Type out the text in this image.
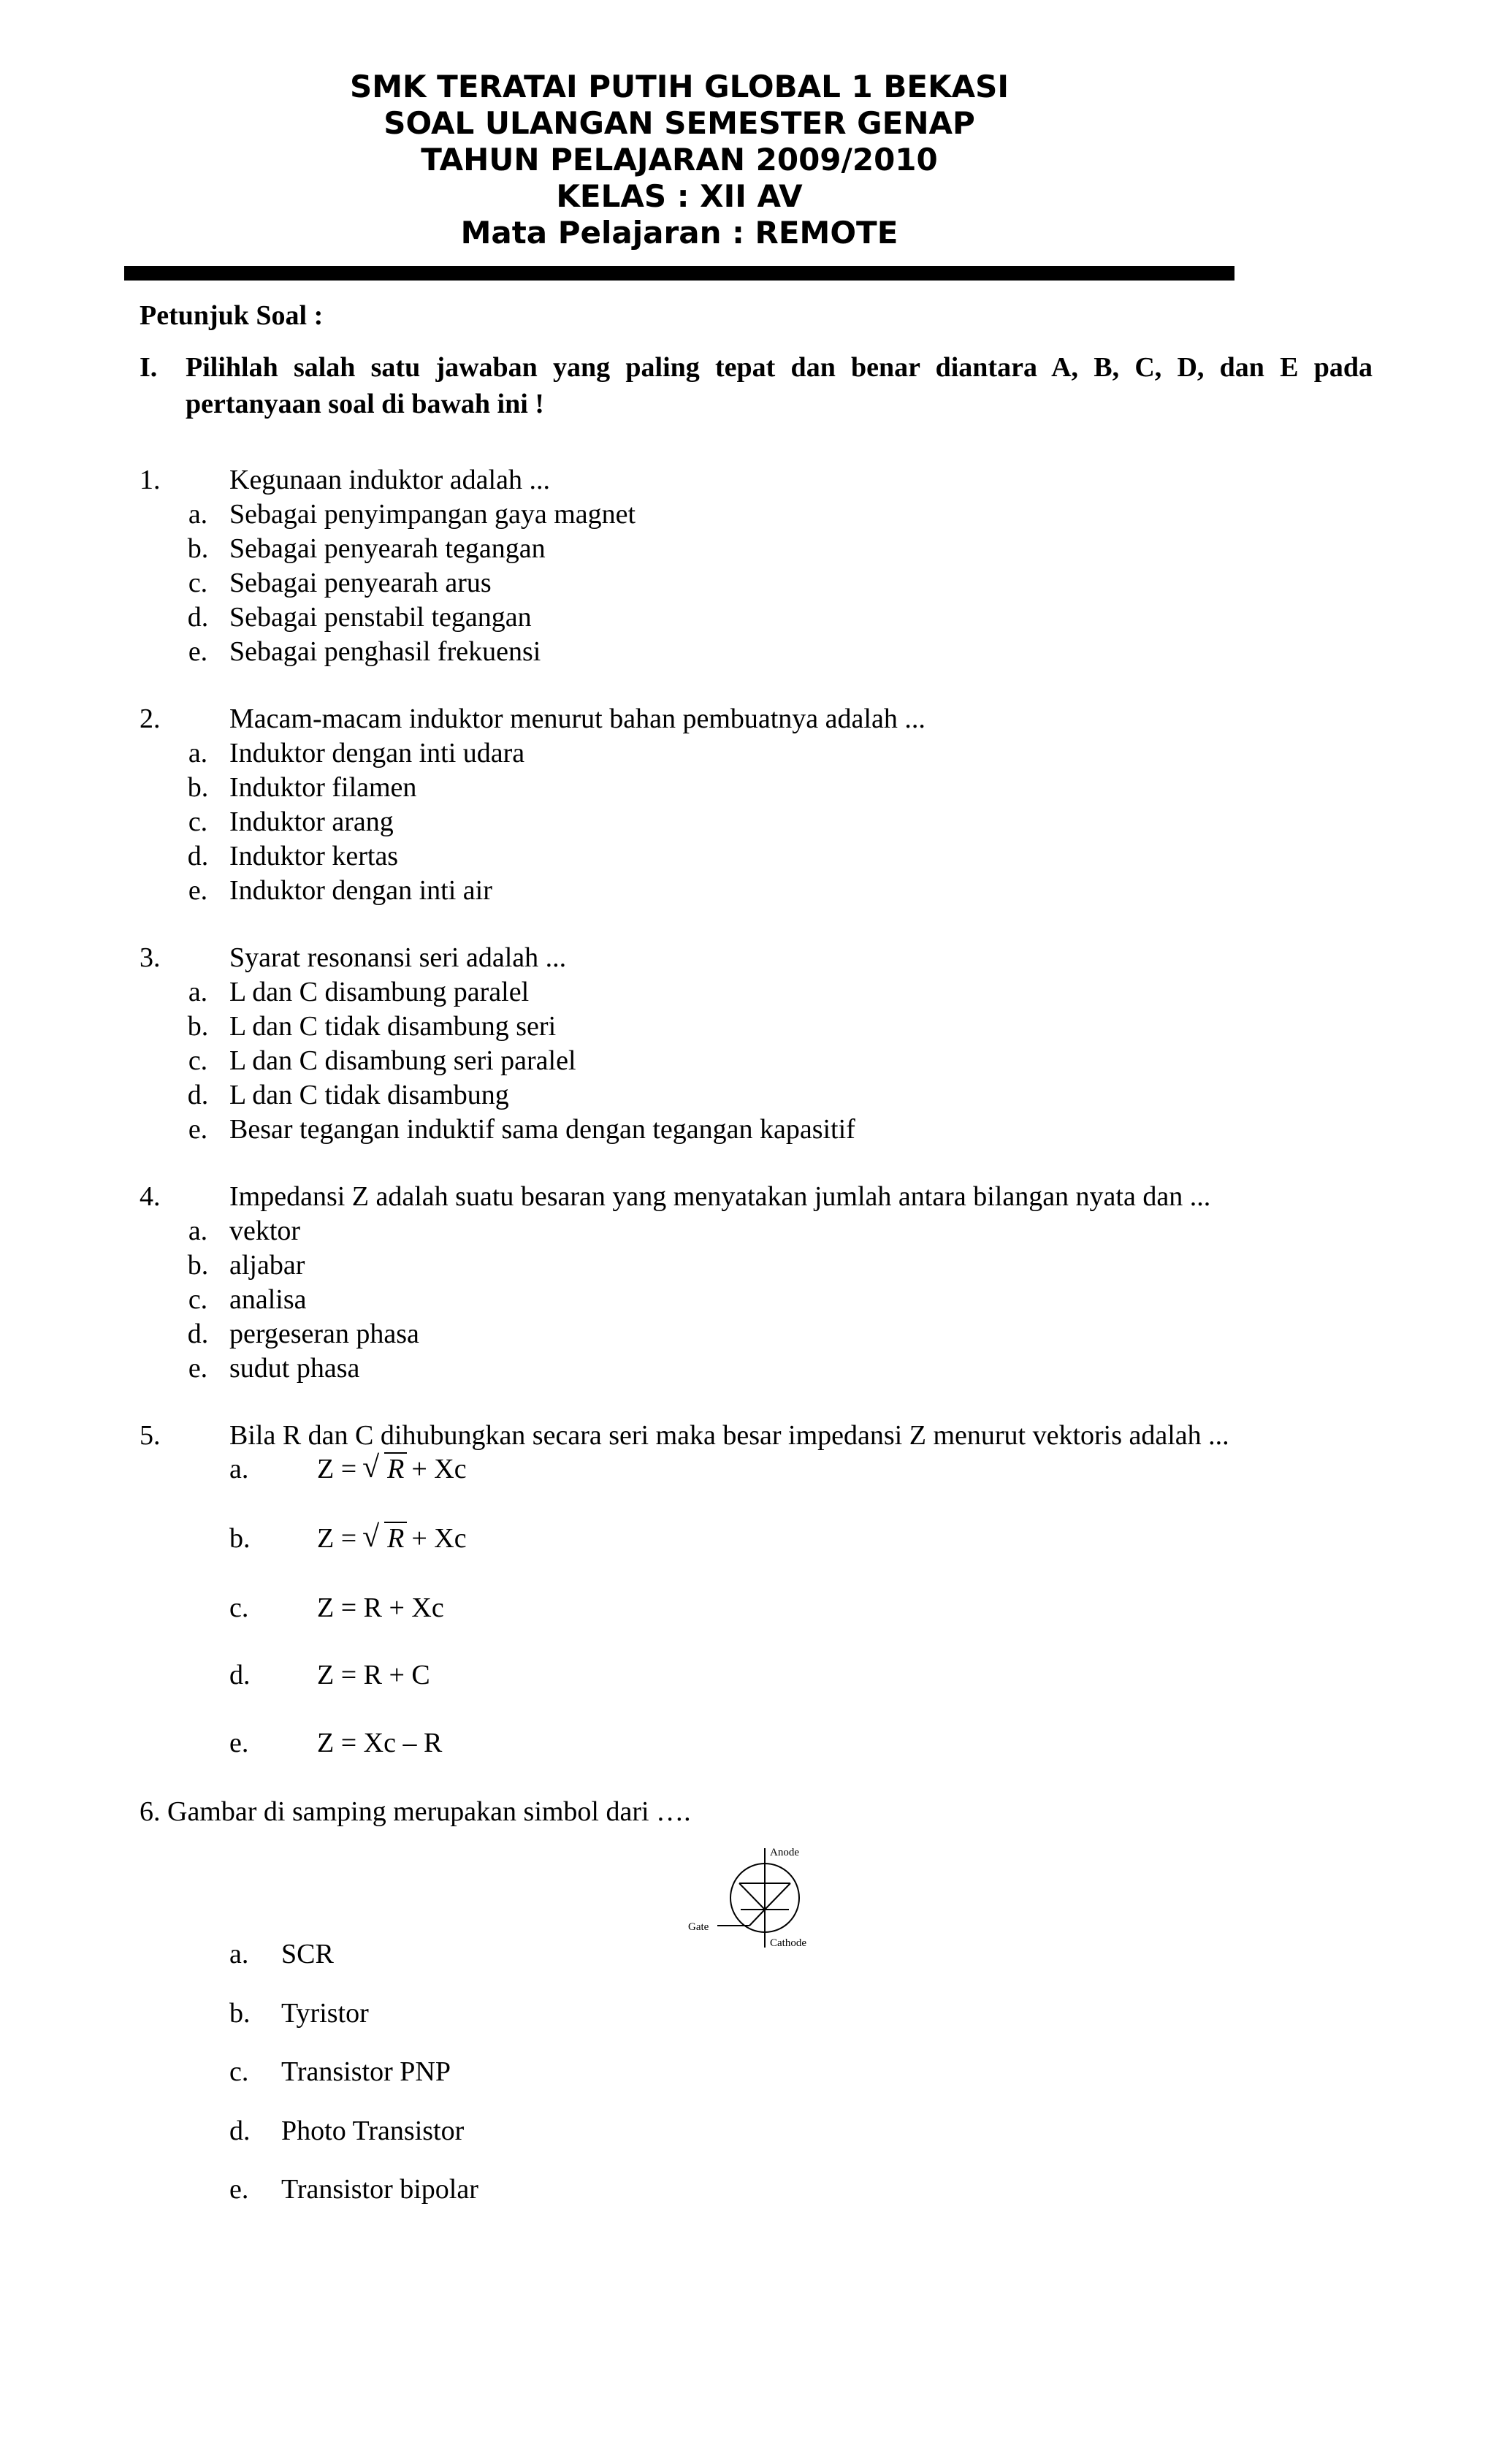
SMK TERATAI PUTIH GLOBAL 1 BEKASI
SOAL ULANGAN SEMESTER GENAP
TAHUN PELAJARAN 2009/2010
KELAS : XII AV
Mata Pelajaran : REMOTE
Petunjuk Soal :
I. Pilihlah salah satu jawaban yang paling tepat dan benar diantara A, B, C, D, dan E pada pertanyaan soal di bawah ini !
1. Kegunaan induktor adalah ...
a. Sebagai penyimpangan gaya magnet
b. Sebagai penyearah tegangan
c. Sebagai penyearah arus
d. Sebagai penstabil tegangan
e. Sebagai penghasil frekuensi
2. Macam-macam induktor menurut bahan pembuatnya adalah ...
a. Induktor dengan inti udara
b. Induktor filamen
c. Induktor arang
d. Induktor kertas
e. Induktor dengan inti air
3. Syarat resonansi seri adalah ...
a. L dan C disambung paralel
b. L dan C tidak disambung seri
c. L dan C disambung seri paralel
d. L dan C tidak disambung
e. Besar tegangan induktif sama dengan tegangan kapasitif
4. Impedansi Z adalah suatu besaran yang menyatakan jumlah antara bilangan nyata dan ...
a. vektor
b. aljabar
c. analisa
d. pergeseran phasa
e. sudut phasa
5. Bila R dan C dihubungkan secara seri maka besar impedansi Z menurut vektoris adalah ...
a. Z = √ R + Xc
b. Z = √ R + Xc
c. Z = R + Xc
d. Z = R + C
e. Z = Xc – R
6. Gambar di samping merupakan simbol dari ….
Anode
Gate
Cathode
a. SCR
b. Tyristor
c. Transistor PNP
d. Photo Transistor
e. Transistor bipolar
